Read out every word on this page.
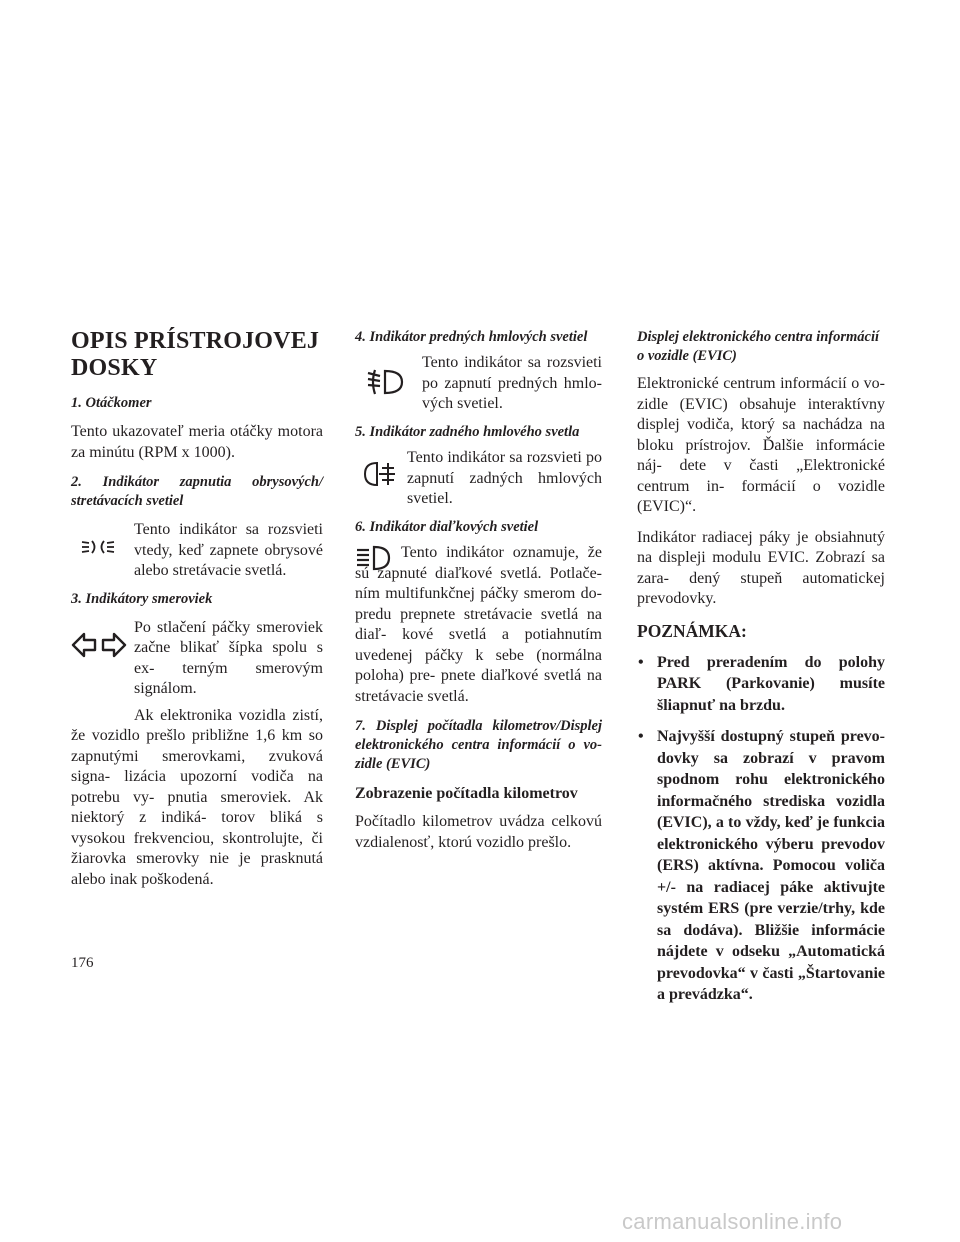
OPIS PRÍSTROJOVEJ DOSKY
1. Otáčkomer

Tento ukazovateľ meria otáčky motora za minútu (RPM x 1000).

2. Indikátor zapnutia obrysových/ stretávacích svetiel
Tento indikátor sa rozsvieti vtedy, keď zapnete obrysové alebo stretávacie svetlá.
3. Indikátory smeroviek
Po stlačení páčky smeroviek začne blikať šípka spolu s ex- terným smerovým signálom.

Ak elektronika vozidla zistí, že vozidlo prešlo približne 1,6 km so zapnutými smerovkami, zvuková signa- lizácia upozorní vodiča na potrebu vy- pnutia smeroviek. Ak niektorý z indiká- torov bliká s vysokou frekvenciou, skontrolujte, či žiarovka smerovky nie je prasknutá alebo inak poškodená.

4. Indikátor predných hmlových svetiel
Tento indikátor sa rozsvieti po zapnutí predných hmlo- vých svetiel.
5. Indikátor zadného hmlového svetla
Tento indikátor sa rozsvieti po zapnutí zadných hmlových svetiel.
6. Indikátor diaľkových svetiel

Tento indikátor oznamuje, že sú zapnuté diaľkové svetlá. Potlače- ním multifunkčnej páčky smerom do- predu prepnete stretávacie svetlá na diaľ- kové svetlá a potiahnutím uvedenej páčky k sebe (normálna poloha) pre- pnete diaľkové svetlá na stretávacie svetlá.

7. Displej počítadla kilometrov/Displej elektronického centra informácií o vo- zidle (EVIC)
Zobrazenie počítadla kilometrov

Počítadlo kilometrov uvádza celkovú vzdialenosť, ktorú vozidlo prešlo.

Displej elektronického centra informácií o vozidle (EVIC)

Elektronické centrum informácií o vo- zidle (EVIC) obsahuje interaktívny displej vodiča, ktorý sa nachádza na bloku prístrojov. Ďalšie informácie náj- dete v časti „Elektronické centrum in- formácií o vozidle (EVIC)“.

Indikátor radiacej páky je obsiahnutý na displeji modulu EVIC. Zobrazí sa zara- dený stupeň automatickej prevodovky.

POZNÁMKA:
• Pred preradením do polohy PARK (Parkovanie) musíte šliapnuť na brzdu.
• Najvyšší dostupný stupeň prevo- dovky sa zobrazí v pravom spodnom rohu elektronického informačného strediska vozidla (EVIC), a to vždy, keď je funkcia elektronického výberu prevodov (ERS) aktívna. Pomocou voliča +/- na radiacej páke aktivujte systém ERS (pre verzie/trhy, kde sa dodáva). Bližšie informácie nájdete v odseku „Automatická prevodovka“ v časti „Štartovanie a prevádzka“.
176
carmanualsonline.info
